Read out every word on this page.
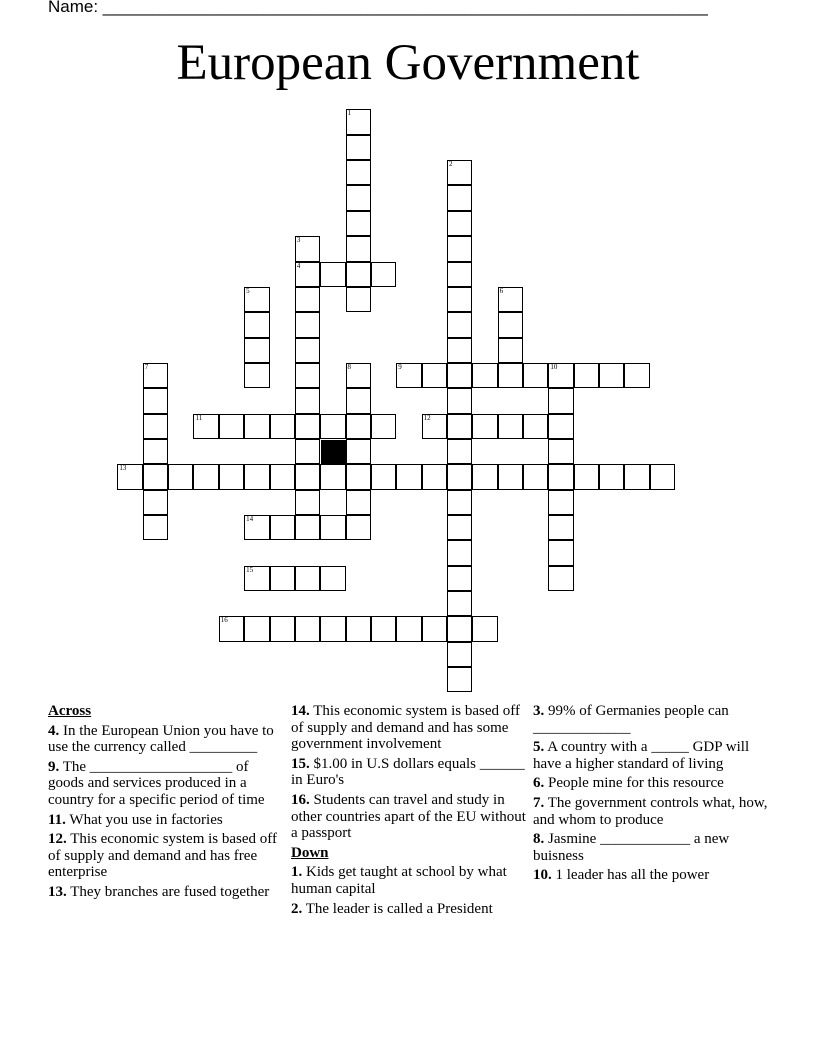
Name: ________________________________________________________________

European Government
1
2
3
4
5	6
7	8	9	10
11	12
13
14
15
16
Across
4. In the European Union you have to use the currency called _________
9. The ___________________ of goods and services produced in a country for a specific period of time
11. What you use in factories
12. This economic system is based off of supply and demand and has free enterprise
13. They branches are fused together
14. This economic system is based off of supply and demand and has some government involvement
15. $1.00 in U.S dollars equals ______ in Euro's
16. Students can travel and study in other countries apart of the EU without a passport
Down
1. Kids get taught at school by what human capital
2. The leader is called a President
3. 99% of Germanies people can _____________
5. A country with a _____ GDP will have a higher standard of living
6. People mine for this resource
7. The government controls what, how, and whom to produce
8. Jasmine ____________ a new buisness
10. 1 leader has all the power
